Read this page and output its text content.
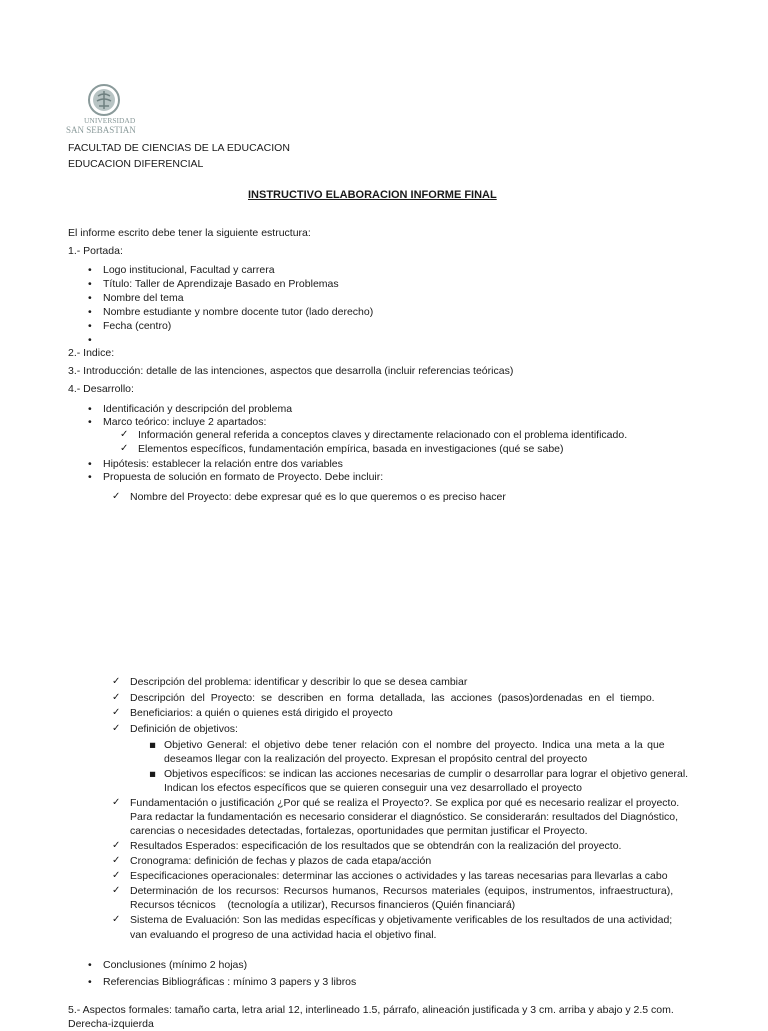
UNIVERSIDAD
SAN SEBASTIAN
FACULTAD DE CIENCIAS DE LA EDUCACION
EDUCACION DIFERENCIAL
INSTRUCTIVO ELABORACION INFORME FINAL
El informe escrito debe tener la siguiente estructura:
1.- Portada:
• Logo institucional, Facultad y carrera
• Título: Taller de Aprendizaje Basado en Problemas
• Nombre del tema
• Nombre estudiante y nombre docente tutor (lado derecho)
• Fecha (centro)
2.- Indice:
3.- Introducción: detalle de las intenciones, aspectos que desarrolla (incluir referencias teóricas)
4.- Desarrollo:
• Identificación y descripción del problema
• Marco teórico: incluye 2 apartados:
✓ Información general referida a conceptos claves y directamente relacionado con el problema identificado.
✓ Elementos específicos, fundamentación empírica, basada en investigaciones (qué se sabe)
• Hipótesis: establecer la relación entre dos variables
• Propuesta de solución en formato de Proyecto. Debe incluir:
✓ Nombre del Proyecto: debe expresar qué es lo que queremos o es preciso hacer
✓ Descripción del problema: identificar y describir lo que se desea cambiar
✓ Descripción del Proyecto: se describen en forma detallada, las acciones (pasos)ordenadas en el tiempo.
✓ Beneficiarios: a quién o quienes está dirigido el proyecto
✓ Definición de objetivos:
▪ Objetivo General: el objetivo debe tener relación con el nombre del proyecto. Indica una meta a la que
deseamos llegar con la realización del proyecto. Expresan el propósito central del proyecto
▪ Objetivos específicos: se indican las acciones necesarias de cumplir o desarrollar para lograr el objetivo general.
Indican los efectos específicos que se quieren conseguir una vez desarrollado el proyecto
✓ Fundamentación o justificación ¿Por qué se realiza el Proyecto?. Se explica por qué es necesario realizar el proyecto.
Para redactar la fundamentación es necesario considerar el diagnóstico. Se considerarán: resultados del Diagnóstico,
carencias o necesidades detectadas, fortalezas, oportunidades que permitan justificar el Proyecto.
✓ Resultados Esperados: especificación de los resultados que se obtendrán con la realización del proyecto.
✓ Cronograma: definición de fechas y plazos de cada etapa/acción
✓ Especificaciones operacionales: determinar las acciones o actividades y las tareas necesarias para llevarlas a cabo
✓ Determinación de los recursos: Recursos humanos, Recursos materiales (equipos, instrumentos, infraestructura),
Recursos técnicos    (tecnología a utilizar), Recursos financieros (Quién financiará)
✓ Sistema de Evaluación: Son las medidas específicas y objetivamente verificables de los resultados de una actividad;
van evaluando el progreso de una actividad hacia el objetivo final.
• Conclusiones (mínimo 2 hojas)
• Referencias Bibliográficas : mínimo 3 papers y 3 libros
5.- Aspectos formales: tamaño carta, letra arial 12, interlineado 1.5, párrafo, alineación justificada y 3 cm. arriba y abajo y 2.5 com.
Derecha-izquierda
